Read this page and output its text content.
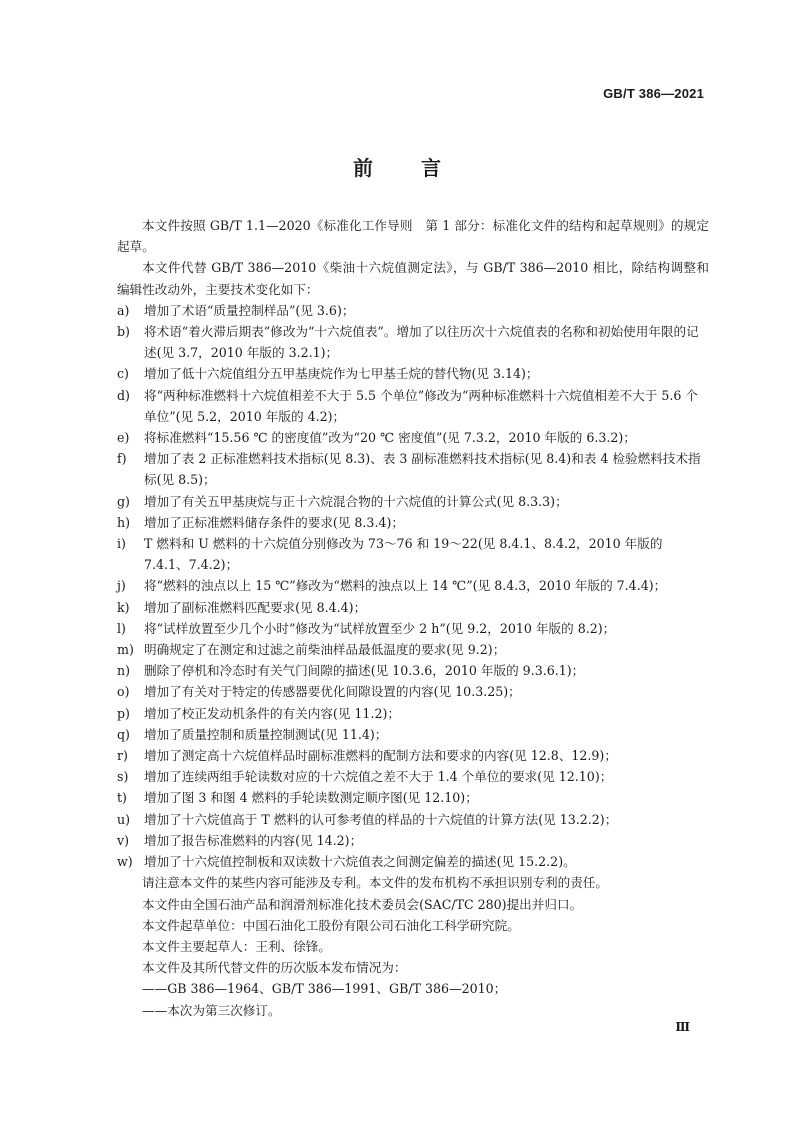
GB/T 386—2021
前言

本文件按照 GB/T 1.1—2020《标准化工作导则　第 1 部分：标准化文件的结构和起草规则》的规定起草。

本文件代替 GB/T 386—2010《柴油十六烷值测定法》，与 GB/T 386—2010 相比，除结构调整和编辑性改动外，主要技术变化如下：

a)	增加了术语“质量控制样品”(见 3.6)；
b)	将术语“着火滞后期表”修改为“十六烷值表”。增加了以往历次十六烷值表的名称和初始使用年限的记述(见 3.7，2010 年版的 3.2.1)；
c)	增加了低十六烷值组分五甲基庚烷作为七甲基壬烷的替代物(见 3.14)；
d)	将“两种标准燃料十六烷值相差不大于 5.5 个单位”修改为“两种标准燃料十六烷值相差不大于 5.6 个单位”(见 5.2，2010 年版的 4.2)；
e)	将标准燃料“15.56 ℃ 的密度值”改为“20 ℃ 密度值”(见 7.3.2，2010 年版的 6.3.2)；
f)	增加了表 2 正标准燃料技术指标(见 8.3)、表 3 副标准燃料技术指标(见 8.4)和表 4 检验燃料技术指标(见 8.5)；
g)	增加了有关五甲基庚烷与正十六烷混合物的十六烷值的计算公式(见 8.3.3)；
h)	增加了正标准燃料储存条件的要求(见 8.3.4)；
i)	T 燃料和 U 燃料的十六烷值分别修改为 73～76 和 19～22(见 8.4.1、8.4.2，2010 年版的 7.4.1、7.4.2)；
j)	将“燃料的浊点以上 15 ℃”修改为“燃料的浊点以上 14 ℃”(见 8.4.3，2010 年版的 7.4.4)；
k)	增加了副标准燃料匹配要求(见 8.4.4)；
l)	将“试样放置至少几个小时”修改为“试样放置至少 2 h”(见 9.2，2010 年版的 8.2)；
m) 明确规定了在测定和过滤之前柴油样品最低温度的要求(见 9.2)；
n)	删除了停机和冷态时有关气门间隙的描述(见 10.3.6，2010 年版的 9.3.6.1)；
o)	增加了有关对于特定的传感器要优化间隙设置的内容(见 10.3.25)；
p)	增加了校正发动机条件的有关内容(见 11.2)；
q)	增加了质量控制和质量控制测试(见 11.4)；
r)	增加了测定高十六烷值样品时副标准燃料的配制方法和要求的内容(见 12.8、12.9)；
s)	增加了连续两组手轮读数对应的十六烷值之差不大于 1.4 个单位的要求(见 12.10)；
t)	增加了图 3 和图 4 燃料的手轮读数测定顺序图(见 12.10)；
u)	增加了十六烷值高于 T 燃料的认可参考值的样品的十六烷值的计算方法(见 13.2.2)；
v)	增加了报告标准燃料的内容(见 14.2)；
w) 增加了十六烷值控制板和双读数十六烷值表之间测定偏差的描述(见 15.2.2)。

请注意本文件的某些内容可能涉及专利。本文件的发布机构不承担识别专利的责任。

本文件由全国石油产品和润滑剂标准化技术委员会(SAC/TC 280)提出并归口。

本文件起草单位：中国石油化工股份有限公司石油化工科学研究院。

本文件主要起草人：王利、徐锋。

本文件及其所代替文件的历次版本发布情况为：

——GB 386—1964、GB/T 386—1991、GB/T 386—2010；

——本次为第三次修订。

Ⅲ
